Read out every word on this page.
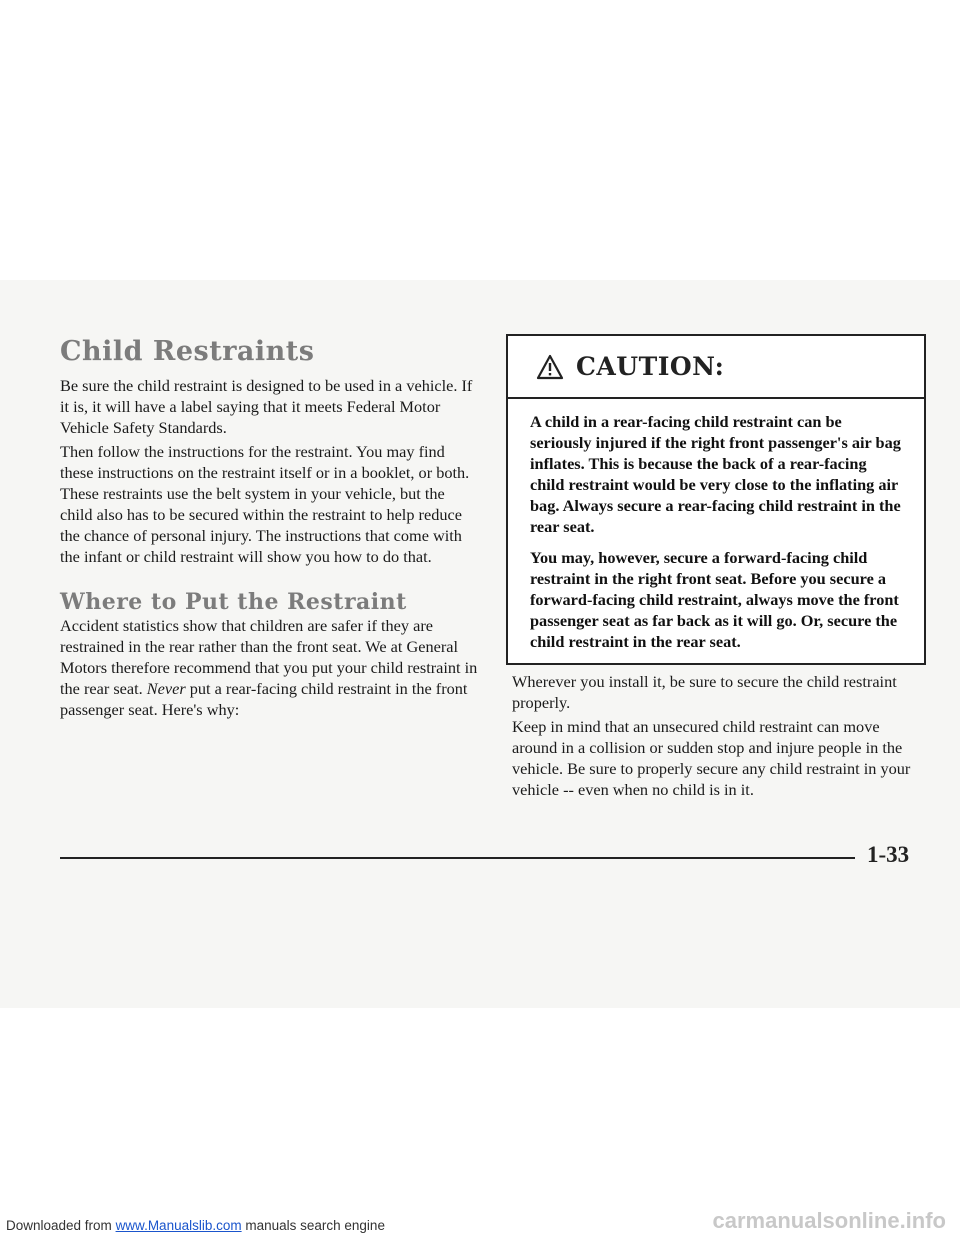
Child Restraints

Be sure the child restraint is designed to be used in a vehicle. If it is, it will have a label saying that it meets Federal Motor Vehicle Safety Standards.

Then follow the instructions for the restraint. You may find these instructions on the restraint itself or in a booklet, or both. These restraints use the belt system in your vehicle, but the child also has to be secured within the restraint to help reduce the chance of personal injury. The instructions that come with the infant or child restraint will show you how to do that.

Where to Put the Restraint

Accident statistics show that children are safer if they are restrained in the rear rather than the front seat. We at General Motors therefore recommend that you put your child restraint in the rear seat. Never put a rear-facing child restraint in the front passenger seat. Here's why:

CAUTION:

A child in a rear-facing child restraint can be seriously injured if the right front passenger's air bag inflates. This is because the back of a rear-facing child restraint would be very close to the inflating air bag. Always secure a rear-facing child restraint in the rear seat.

You may, however, secure a forward-facing child restraint in the right front seat. Before you secure a forward-facing child restraint, always move the front passenger seat as far back as it will go. Or, secure the child restraint in the rear seat.

Wherever you install it, be sure to secure the child restraint properly.

Keep in mind that an unsecured child restraint can move around in a collision or sudden stop and injure people in the vehicle. Be sure to properly secure any child restraint in your vehicle -- even when no child is in it.

1-33

Downloaded from www.Manualslib.com manuals search engine	carmanualsonline.info
